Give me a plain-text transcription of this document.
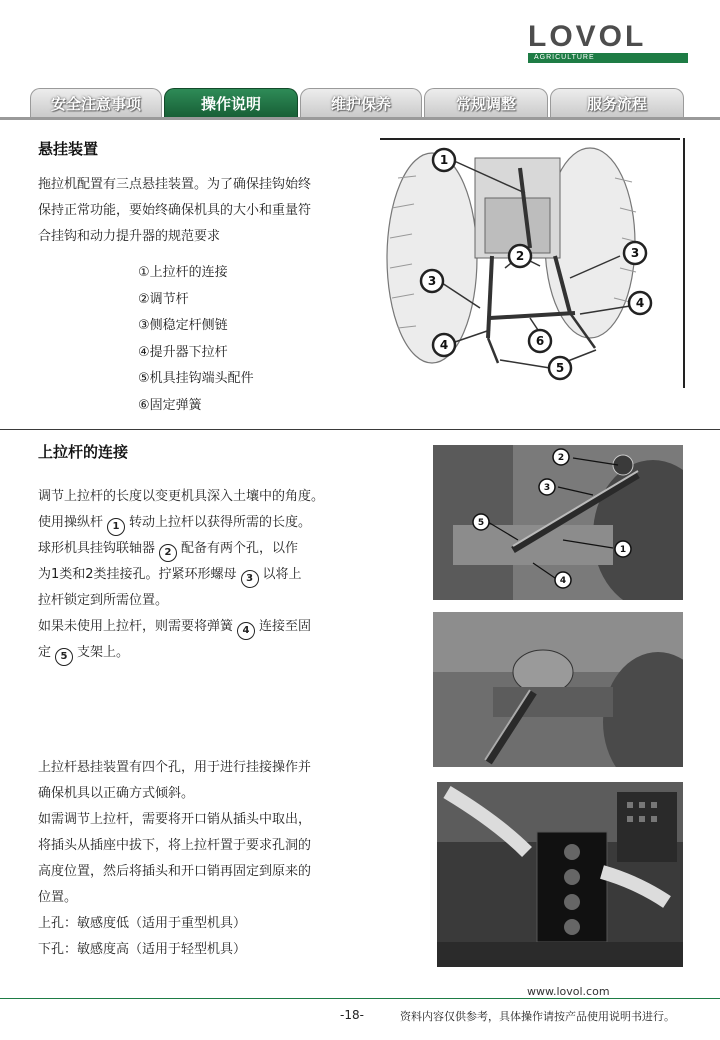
LOVOL
AGRICULTURE
安全注意事项	操作说明	维护保养	常规调整	服务流程
悬挂装置

拖拉机配置有三点悬挂装置。为了确保挂钩始终

保持正常功能，要始终确保机具的大小和重量符

合挂钩和动力提升器的规范要求

①上拉杆的连接
②调节杆
③侧稳定杆侧链
④提升器下拉杆
⑤机具挂钩端头配件
⑥固定弹簧
1
2	3
3
4
4
5
6
上拉杆的连接

调节上拉杆的长度以变更机具深入土壤中的角度。

使用操纵杆 1 转动上拉杆以获得所需的长度。

球形机具挂钩联轴器 2 配备有两个孔，以作

为1类和2类挂接孔。拧紧环形螺母 3 以将上

拉杆锁定到所需位置。

如果未使用上拉杆，则需要将弹簧 4 连接至固

定 5 支架上。

上拉杆悬挂装置有四个孔，用于进行挂接操作并

确保机具以正确方式倾斜。

如需调节上拉杆，需要将开口销从插头中取出，

将插头从插座中拔下，将上拉杆置于要求孔洞的

高度位置，然后将插头和开口销再固定到原来的

位置。

上孔：敏感度低（适用于重型机具）

下孔：敏感度高（适用于轻型机具）

2
3
5
1
4
www.lovol.com
-18-	资料内容仅供参考，具体操作请按产品使用说明书进行。
